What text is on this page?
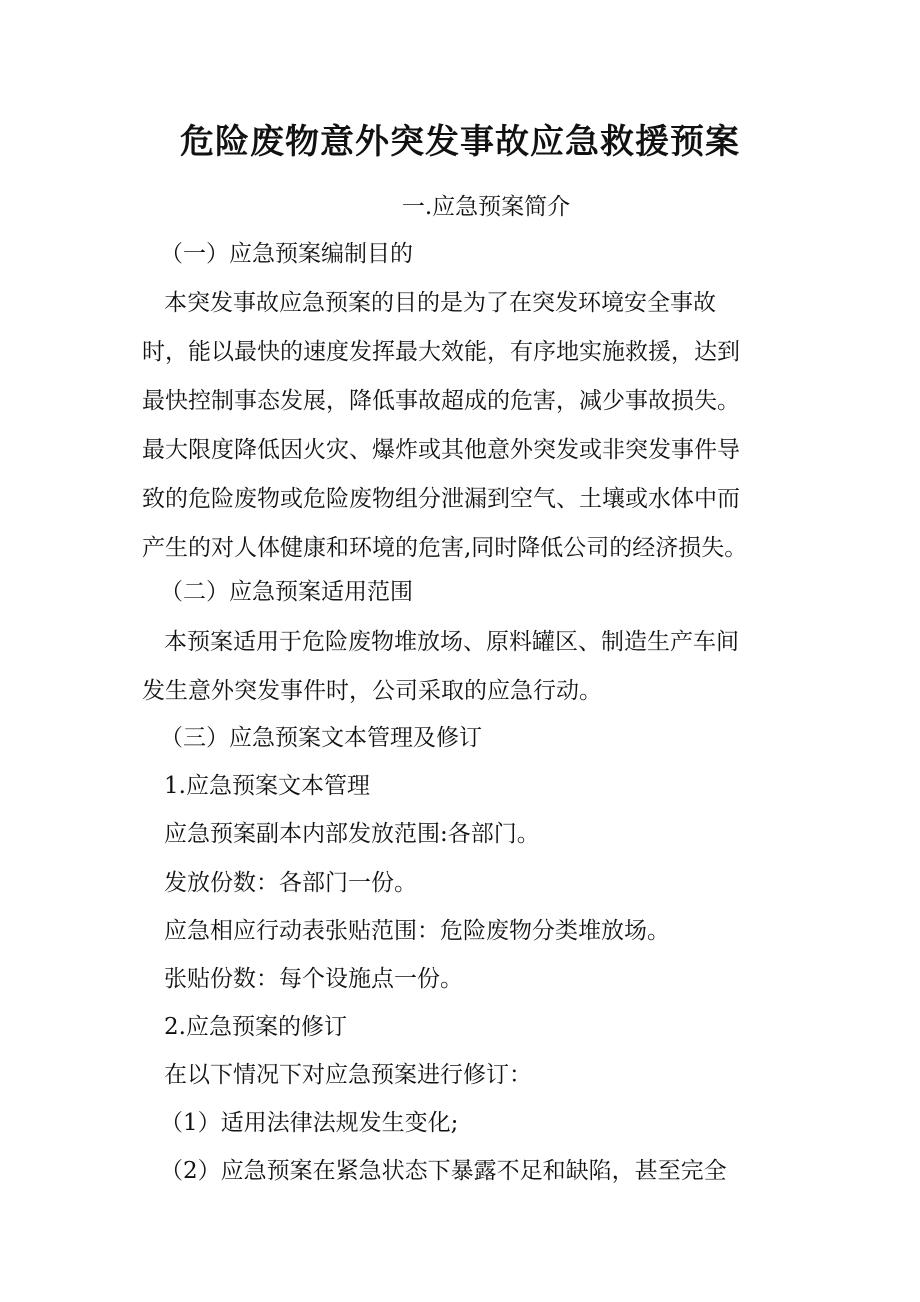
危险废物意外突发事故应急救援预案

一.应急预案简介

（一）应急预案编制目的

本突发事故应急预案的目的是为了在突发环境安全事故

时，能以最快的速度发挥最大效能，有序地实施救援，达到

最快控制事态发展，降低事故超成的危害，减少事故损失。

最大限度降低因火灾、爆炸或其他意外突发或非突发事件导

致的危险废物或危险废物组分泄漏到空气、土壤或水体中而

产生的对人体健康和环境的危害,同时降低公司的经济损失。

（二）应急预案适用范围

本预案适用于危险废物堆放场、原料罐区、制造生产车间

发生意外突发事件时，公司采取的应急行动。

（三）应急预案文本管理及修订

1.应急预案文本管理

应急预案副本内部发放范围:各部门。

发放份数：各部门一份。

应急相应行动表张贴范围：危险废物分类堆放场。

张贴份数：每个设施点一份。

2.应急预案的修订

在以下情况下对应急预案进行修订：

（1）适用法律法规发生变化;

（2）应急预案在紧急状态下暴露不足和缺陷，甚至完全
